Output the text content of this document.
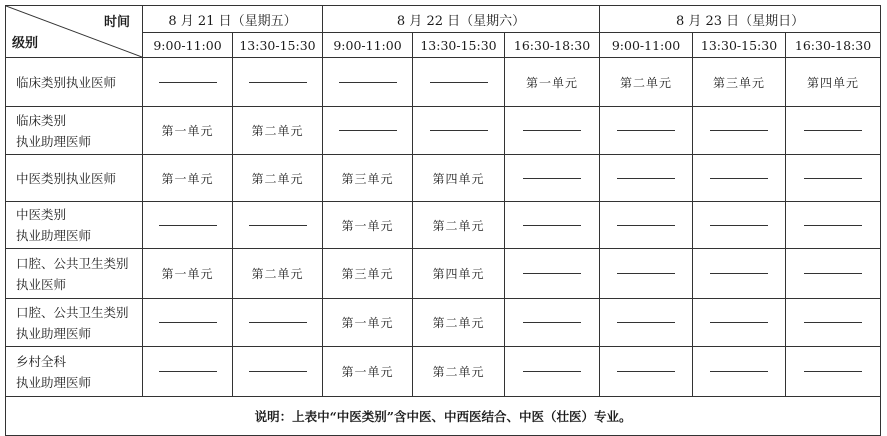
时间
级别	8 月 21 日（星期五）		8 月 22 日（星期六）			8 月 23 日（星期日）		
	9:00-11:00	13:30-15:30	9:00-11:00	13:30-15:30	16:30-18:30	9:00-11:00	13:30-15:30	16:30-18:30

临床类别执业医师					第一单元	第二单元	第三单元	第四单元

临床类别
执业助理医师	第一单元	第二单元						

中医类别执业医师	第一单元	第二单元	第三单元	第四单元				

中医类别
执业助理医师			第一单元	第二单元				

口腔、公共卫生类别
执业医师	第一单元	第二单元	第三单元	第四单元				

口腔、公共卫生类别
执业助理医师			第一单元	第二单元				

乡村全科
执业助理医师			第一单元	第二单元				
说明：上表中“中医类别”含中医、中西医结合、中医（壮医）专业。								
